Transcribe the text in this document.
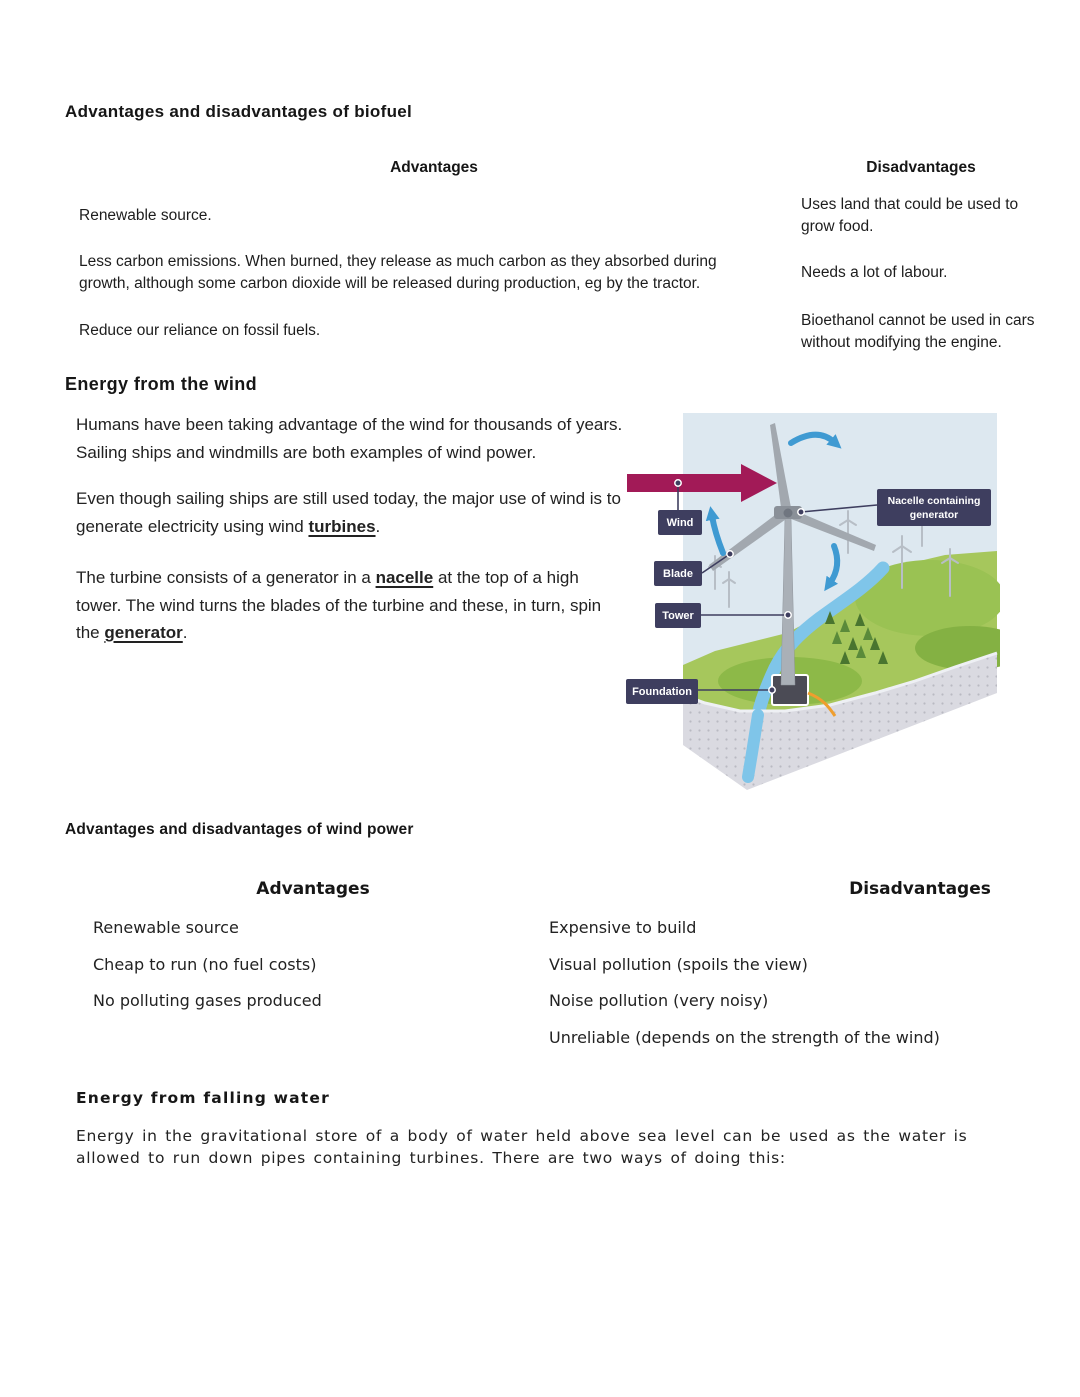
Advantages and disadvantages of biofuel
Advantages	Disadvantages
Renewable source.
Less carbon emissions. When burned, they release as much carbon as they absorbed during growth, although some carbon dioxide will be released during production, eg by the tractor.
Reduce our reliance on fossil fuels.
Uses land that could be used to grow food.
Needs a lot of labour.
Bioethanol cannot be used in cars without modifying the engine.
Energy from the wind

Humans have been taking advantage of the wind for thousands of years. Sailing ships and windmills are both examples of wind power.

Even though sailing ships are still used today, the major use of wind is to generate electricity using wind turbines.

The turbine consists of a generator in a nacelle at the top of a high tower. The wind turns the blades of the turbine and these, in turn, spin the generator.

Wind
Blade
Tower
Foundation
Nacelle containing
generator
Advantages and disadvantages of wind power
Advantages	Disadvantages
Renewable source
Cheap to run (no fuel costs)
No polluting gases produced
Expensive to build
Visual pollution (spoils the view)
Noise pollution (very noisy)
Unreliable (depends on the strength of the wind)
Energy from falling water
Energy in the gravitational store of a body of water held above sea level can be used as the water is allowed to run down pipes containing turbines. There are two ways of doing this:
